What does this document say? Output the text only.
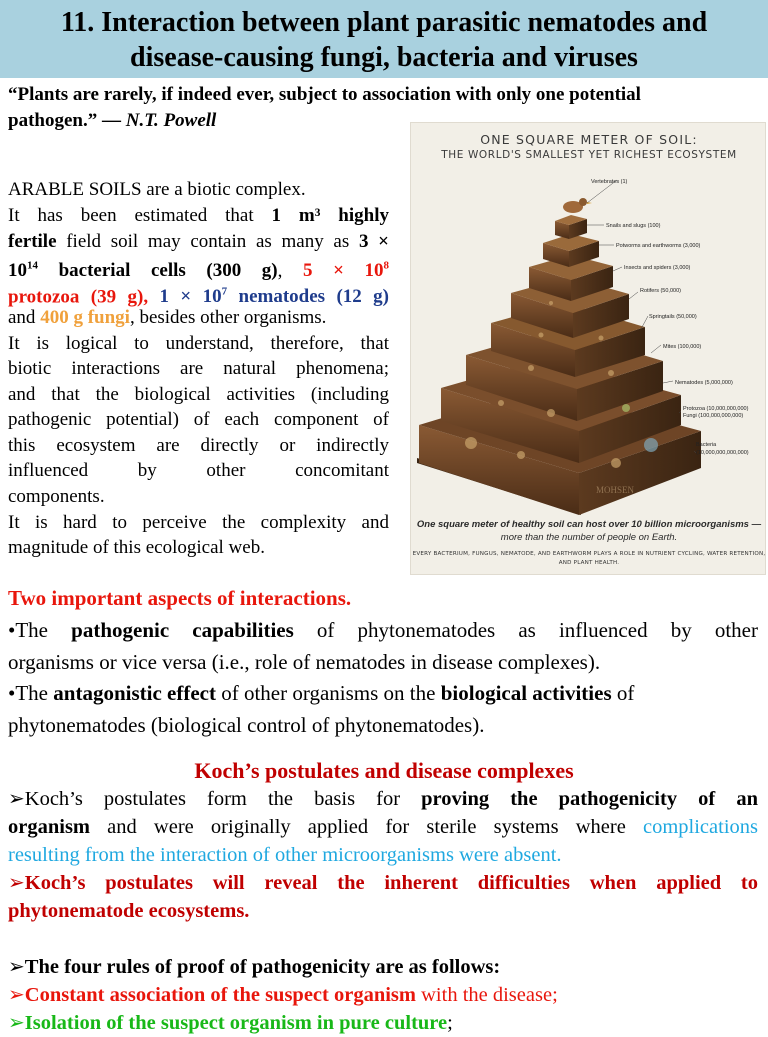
11. Interaction between plant parasitic nematodes and
disease-causing fungi, bacteria and viruses
“Plants are rarely, if indeed ever, subject to association with only one potential
pathogen.” — N.T. Powell
ARABLE SOILS are a biotic complex.
It has been estimated that 1 m³ highly
fertile field soil may contain as many as 3 ×
$10^{14}$ bacterial cells (300 g), $5 \times 10^8$
protozoa (39 g), $1 \times 10^7$ nematodes (12 g)
and 400 g fungi, besides other organisms.
It is logical to understand, therefore, that
biotic interactions are natural phenomena;
and that the biological activities (including
pathogenic potential) of each component of
this ecosystem are directly or indirectly
influenced by other concomitant
components.
It is hard to perceive the complexity and
magnitude of this ecological web.
ONE SQUARE METER OF SOIL:
THE WORLD'S SMALLEST YET RICHEST ECOSYSTEM
Vertebrates (1)
Snails and slugs (100)
Potworms and earthworms (3,000)
Insects and spiders (3,000)
Rotifers (50,000)
Springtails (50,000)
Mites (100,000)
Nematodes (5,000,000)
Protozoa (10,000,000,000)
Fungi (100,000,000,000)
Bacteria
(10,000,000,000,000)
MOHSEN
One square meter of healthy soil can host over 10 billion microorganisms —
more than the number of people on Earth.
EVERY BACTERIUM, FUNGUS, NEMATODE, AND EARTHWORM PLAYS A ROLE IN NUTRIENT CYCLING, WATER RETENTION,
AND PLANT HEALTH.
Two important aspects of interactions.
•The pathogenic capabilities of phytonematodes as influenced by other
organisms or vice versa (i.e., role of nematodes in disease complexes).
•The antagonistic effect of other organisms on the biological activities of
phytonematodes (biological control of phytonematodes).
Koch’s postulates and disease complexes
➢Koch’s postulates form the basis for proving the pathogenicity of an
organism and were originally applied for sterile systems where complications
resulting from the interaction of other microorganisms were absent.
➢Koch’s postulates will reveal the inherent difficulties when applied to
phytonematode ecosystems.
➢The four rules of proof of pathogenicity are as follows:
➢Constant association of the suspect organism with the disease;
➢Isolation of the suspect organism in pure culture;
